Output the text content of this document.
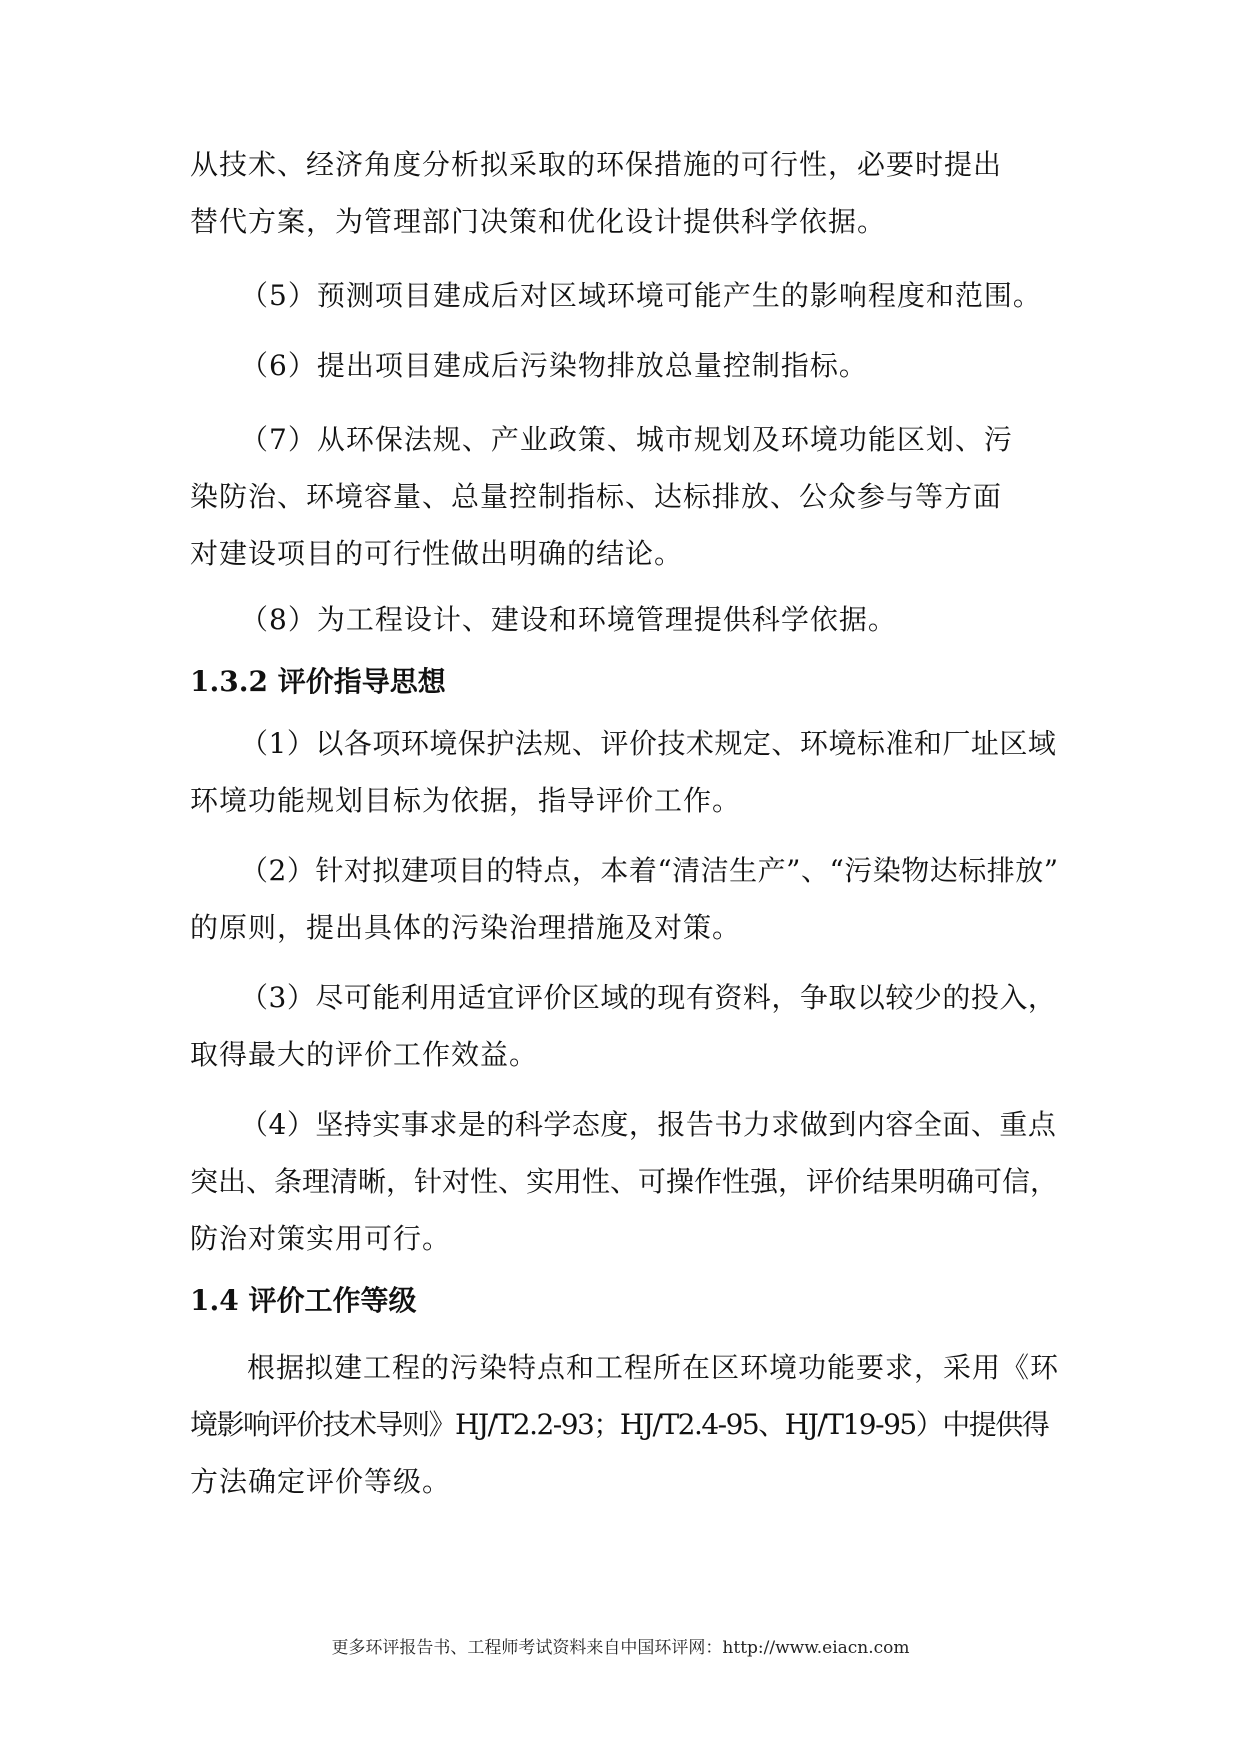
从技术、经济角度分析拟采取的环保措施的可行性，必要时提出
替代方案，为管理部门决策和优化设计提供科学依据。
（5）预测项目建成后对区域环境可能产生的影响程度和范围。
（6）提出项目建成后污染物排放总量控制指标。
（7）从环保法规、产业政策、城市规划及环境功能区划、污
染防治、环境容量、总量控制指标、达标排放、公众参与等方面
对建设项目的可行性做出明确的结论。
（8）为工程设计、建设和环境管理提供科学依据。
1.3.2 评价指导思想
（1）以各项环境保护法规、评价技术规定、环境标准和厂址区域
环境功能规划目标为依据，指导评价工作。
（2）针对拟建项目的特点，本着“清洁生产”、“污染物达标排放”
的原则，提出具体的污染治理措施及对策。
（3）尽可能利用适宜评价区域的现有资料，争取以较少的投入，
取得最大的评价工作效益。
（4）坚持实事求是的科学态度，报告书力求做到内容全面、重点
突出、条理清晰，针对性、实用性、可操作性强，评价结果明确可信，
防治对策实用可行。
1.4 评价工作等级
根据拟建工程的污染特点和工程所在区环境功能要求，采用《环
境影响评价技术导则》HJ/T2.2-93；HJ/T2.4-95、HJ/T19-95）中提供得
方法确定评价等级。
更多环评报告书、工程师考试资料来自中国环评网：http://www.eiacn.com
